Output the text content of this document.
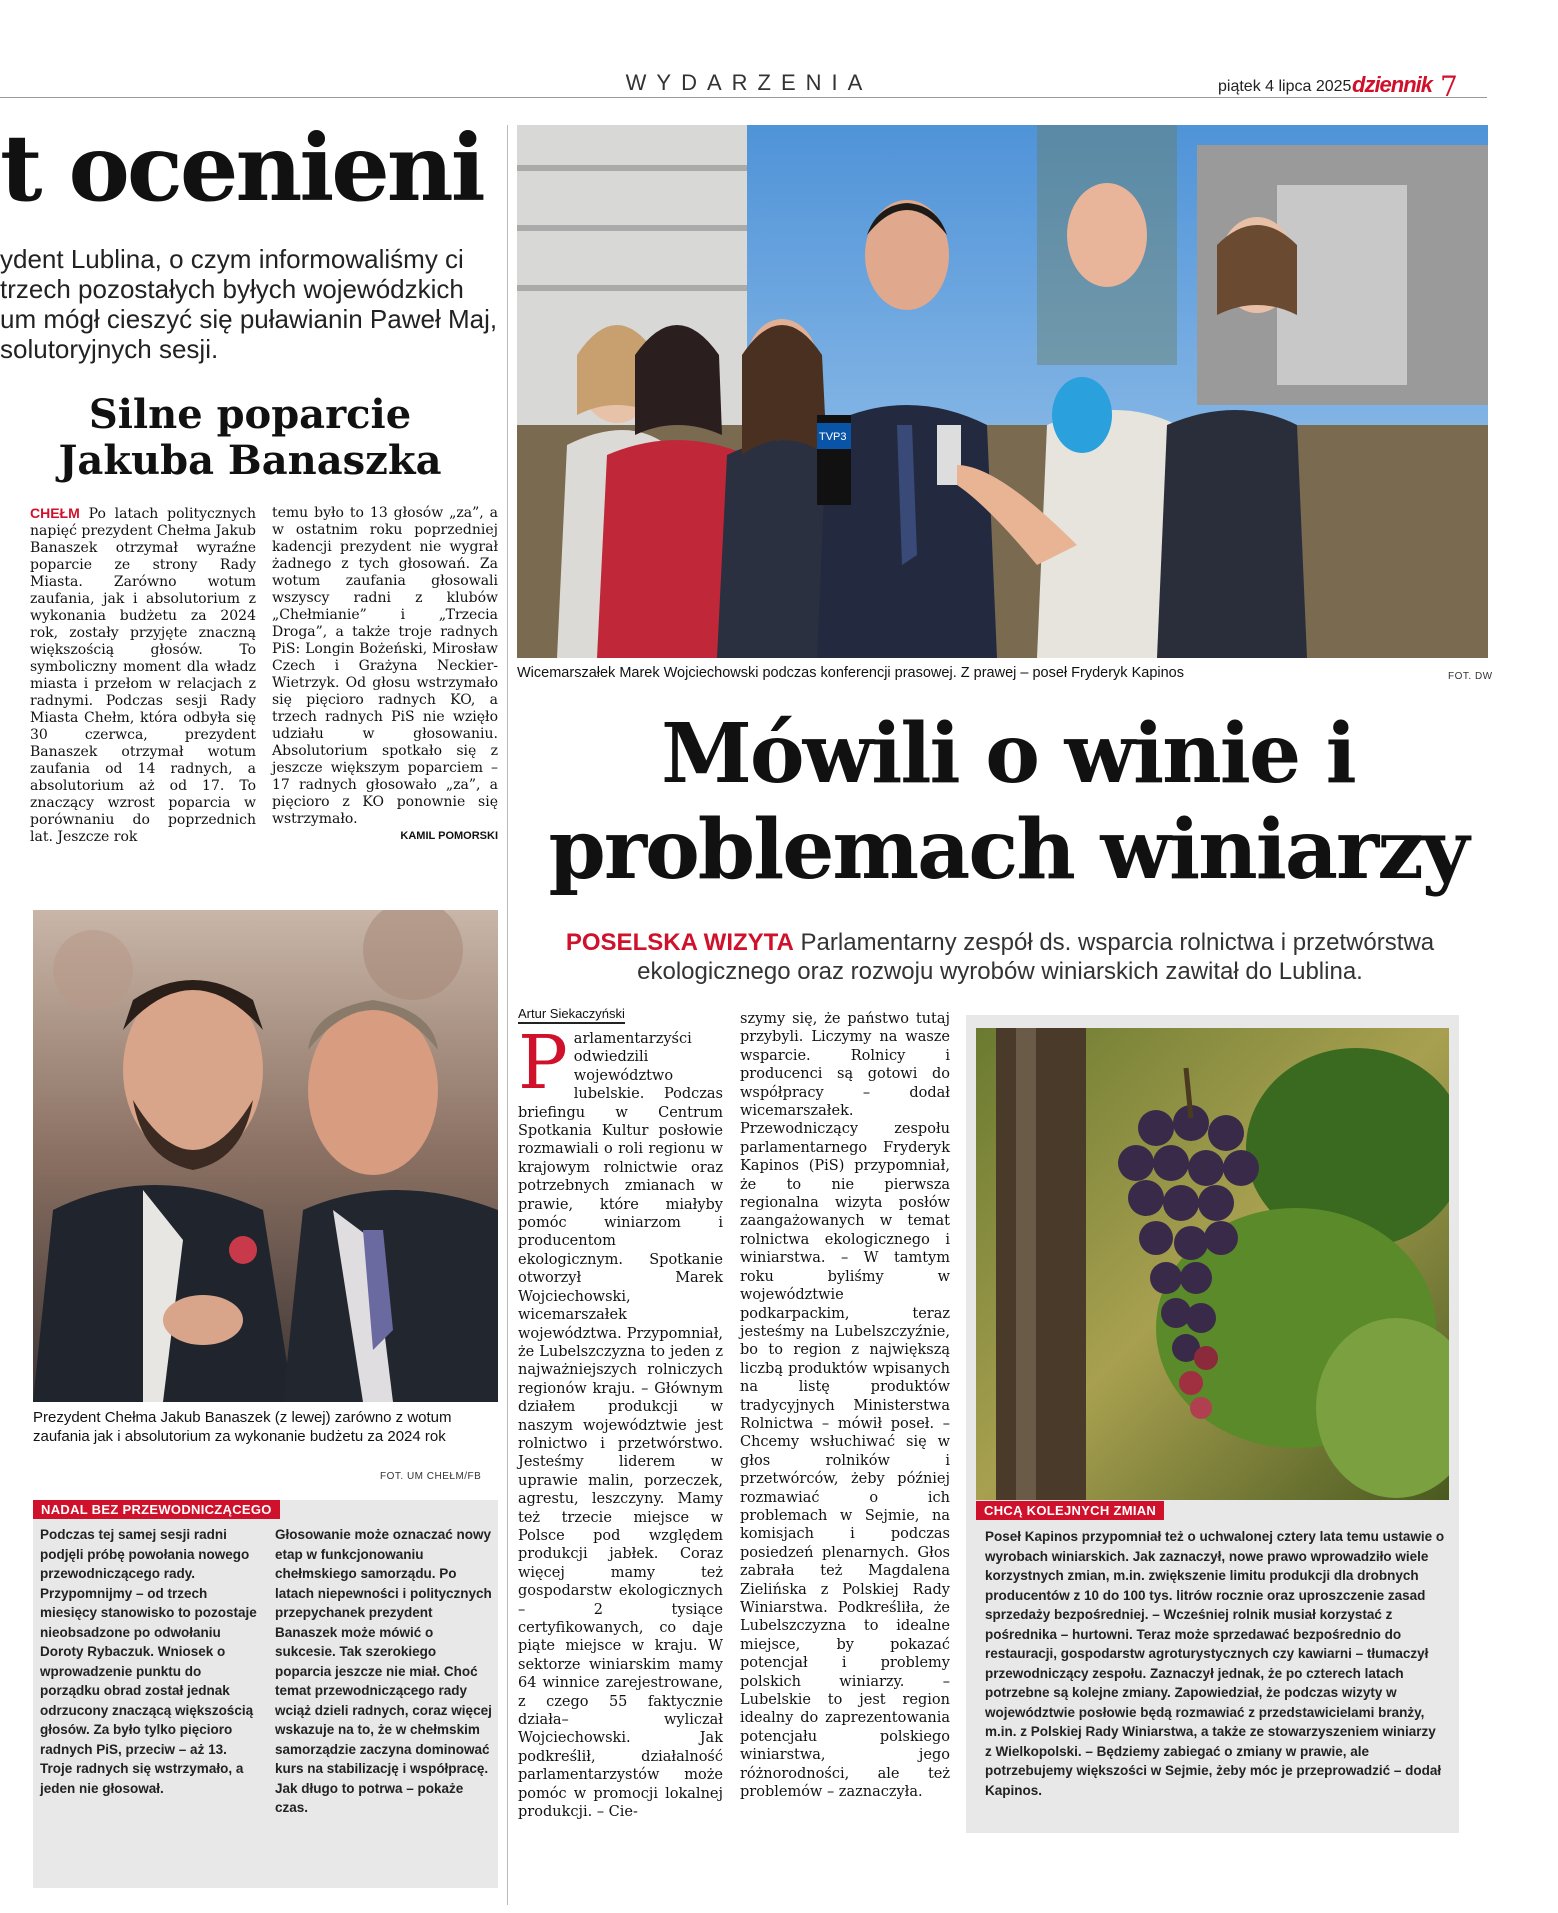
WYDARZENIA	piątek 4 lipca 2025 dziennik 7
t ocenieni
ydent Lublina, o czym informowaliśmy ci trzech pozostałych byłych wojewódzkich um mógł cieszyć się puławianin Paweł Maj, solutoryjnych sesji.
Silne poparcie Jakuba Banaszka
CHEŁM Po latach politycznych napięć prezydent Chełma Jakub Banaszek otrzymał wyraźne poparcie ze strony Rady Miasta. Zarówno wotum zaufania, jak i absolutorium z wykonania budżetu za 2024 rok, zostały przyjęte znaczną większością głosów. To symboliczny moment dla władz miasta i przełom w relacjach z radnymi. Podczas sesji Rady Miasta Chełm, która odbyła się 30 czerwca, prezydent Banaszek otrzymał wotum zaufania od 14 radnych, a absolutorium aż od 17. To znaczący wzrost poparcia w porównaniu do poprzednich lat. Jeszcze rok
temu było to 13 głosów „za”, a w ostatnim roku poprzedniej kadencji prezydent nie wygrał żadnego z tych głosowań. Za wotum zaufania głosowali wszyscy radni z klubów „Chełmianie” i „Trzecia Droga”, a także troje radnych PiS: Longin Bożeński, Mirosław Czech i Grażyna Neckier-Wietrzyk. Od głosu wstrzymało się pięcioro radnych KO, a trzech radnych PiS nie wzięło udziału w głosowaniu. Absolutorium spotkało się z jeszcze większym poparciem – 17 radnych głosowało „za”, a pięcioro z KO ponownie się wstrzymało.
KAMIL POMORSKI
Prezydent Chełma Jakub Banaszek (z lewej) zarówno z wotum zaufania jak i absolutorium za wykonanie budżetu za 2024 rok
FOT. UM CHEŁM/FB
NADAL BEZ PRZEWODNICZĄCEGO
Podczas tej samej sesji radni podjęli próbę powołania nowego przewodniczącego rady. Przypomnijmy – od trzech miesięcy stanowisko to pozostaje nieobsadzone po odwołaniu Doroty Rybaczuk. Wniosek o wprowadzenie punktu do porządku obrad został jednak odrzucony znaczącą większością głosów. Za było tylko pięcioro radnych PiS, przeciw – aż 13. Troje radnych się wstrzymało, a jeden nie głosował.
Głosowanie może oznaczać nowy etap w funkcjonowaniu chełmskiego samorządu. Po latach niepewności i politycznych przepychanek prezydent Banaszek może mówić o sukcesie. Tak szerokiego poparcia jeszcze nie miał. Choć temat przewodniczącego rady wciąż dzieli radnych, coraz więcej wskazuje na to, że w chełmskim samorządzie zaczyna dominować kurs na stabilizację i współpracę. Jak długo to potrwa – pokaże czas.
TVP3
Wicemarszałek Marek Wojciechowski podczas konferencji prasowej. Z prawej – poseł Fryderyk Kapinos	FOT. DW
Mówili o winie i problemach winiarzy
POSELSKA WIZYTA Parlamentarny zespół ds. wsparcia rolnictwa i przetwórstwa ekologicznego oraz rozwoju wyrobów winiarskich zawitał do Lublina.
Artur Siekaczyński
Parlamentarzyści odwiedzili województwo lubelskie. Podczas briefingu w Centrum Spotkania Kultur posłowie rozmawiali o roli regionu w krajowym rolnictwie oraz potrzebnych zmianach w prawie, które miałyby pomóc winiarzom i producentom ekologicznym. Spotkanie otworzył Marek Wojciechowski, wicemarszałek województwa. Przypomniał, że Lubelszczyzna to jeden z najważniejszych rolniczych regionów kraju. – Głównym działem produkcji w naszym województwie jest rolnictwo i przetwórstwo. Jesteśmy liderem w uprawie malin, porzeczek, agrestu, leszczyny. Mamy też trzecie miejsce w Polsce pod względem produkcji jabłek. Coraz więcej mamy też gospodarstw ekologicznych – 2 tysiące certyfikowanych, co daje piąte miejsce w kraju. W sektorze winiarskim mamy 64 winnice zarejestrowane, z czego 55 faktycznie działa– wyliczał Wojciechowski. Jak podkreślił, działalność parlamentarzystów może pomóc w promocji lokalnej produkcji. – Cie-
szymy się, że państwo tutaj przybyli. Liczymy na wasze wsparcie. Rolnicy i producenci są gotowi do współpracy – dodał wicemarszałek. Przewodniczący zespołu parlamentarnego Fryderyk Kapinos (PiS) przypomniał, że to nie pierwsza regionalna wizyta posłów zaangażowanych w temat rolnictwa ekologicznego i winiarstwa. – W tamtym roku byliśmy w województwie podkarpackim, teraz jesteśmy na Lubelszczyźnie, bo to region z największą liczbą produktów wpisanych na listę produktów tradycyjnych Ministerstwa Rolnictwa – mówił poseł. – Chcemy wsłuchiwać się w głos rolników i przetwórców, żeby później rozmawiać o ich problemach w Sejmie, na komisjach i podczas posiedzeń plenarnych. Głos zabrała też Magdalena Zielińska z Polskiej Rady Winiarstwa. Podkreśliła, że Lubelszczyzna to idealne miejsce, by pokazać potencjał i problemy polskich winiarzy. – Lubelskie to jest region idealny do zaprezentowania potencjału polskiego winiarstwa, jego różnorodności, ale też problemów – zaznaczyła.
CHCĄ KOLEJNYCH ZMIAN
Poseł Kapinos przypomniał też o uchwalonej cztery lata temu ustawie o wyrobach winiarskich. Jak zaznaczył, nowe prawo wprowadziło wiele korzystnych zmian, m.in. zwiększenie limitu produkcji dla drobnych producentów z 10 do 100 tys. litrów rocznie oraz uproszczenie zasad sprzedaży bezpośredniej. – Wcześniej rolnik musiał korzystać z pośrednika – hurtowni. Teraz może sprzedawać bezpośrednio do restauracji, gospodarstw agroturystycznych czy kawiarni – tłumaczył przewodniczący zespołu. Zaznaczył jednak, że po czterech latach potrzebne są kolejne zmiany. Zapowiedział, że podczas wizyty w województwie posłowie będą rozmawiać z przedstawicielami branży, m.in. z Polskiej Rady Winiarstwa, a także ze stowarzyszeniem winiarzy z Wielkopolski. – Będziemy zabiegać o zmiany w prawie, ale potrzebujemy większości w Sejmie, żeby móc je przeprowadzić – dodał Kapinos.
